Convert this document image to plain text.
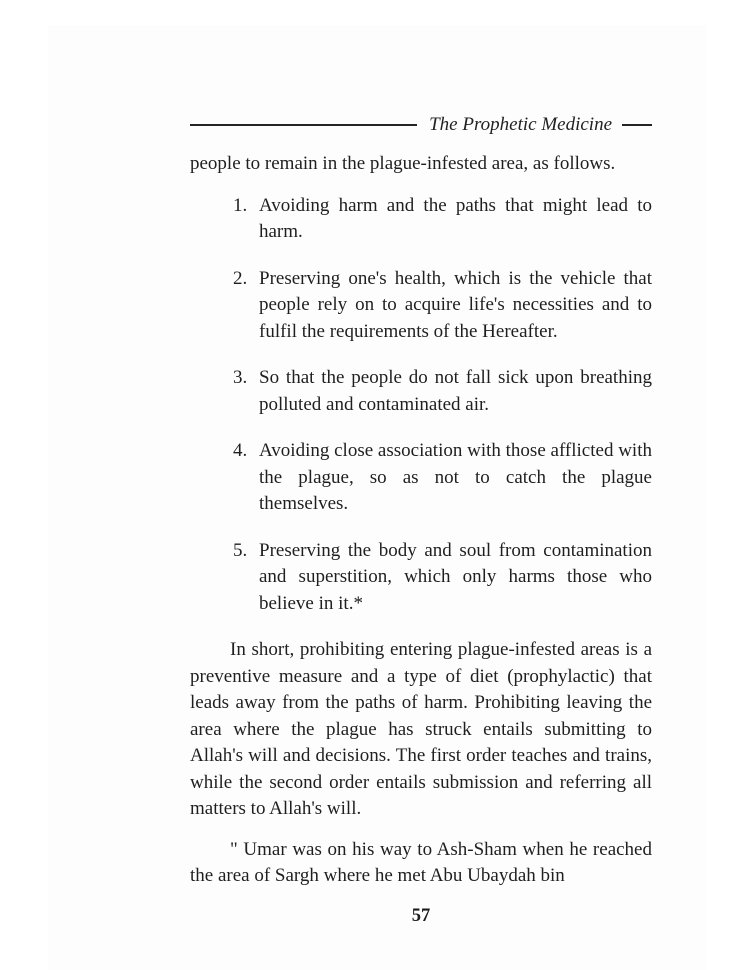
The Prophetic Medicine

people to remain in the plague-infested area, as follows.

1. Avoiding harm and the paths that might lead to harm.
2. Preserving one's health, which is the vehicle that people rely on to acquire life's necessities and to fulfil the requirements of the Hereafter.
3. So that the people do not fall sick upon breathing polluted and contaminated air.
4. Avoiding close association with those afflicted with the plague, so as not to catch the plague themselves.
5. Preserving the body and soul from contamination and superstition, which only harms those who believe in it.*

In short, prohibiting entering plague-infested areas is a preventive measure and a type of diet (prophylactic) that leads away from the paths of harm. Prohibiting leaving the area where the plague has struck entails submitting to Allah's will and decisions. The first order teaches and trains, while the second order entails submission and referring all matters to Allah's will.

" Umar was on his way to Ash-Sham when he reached the area of Sargh where he met Abu Ubaydah bin

57
